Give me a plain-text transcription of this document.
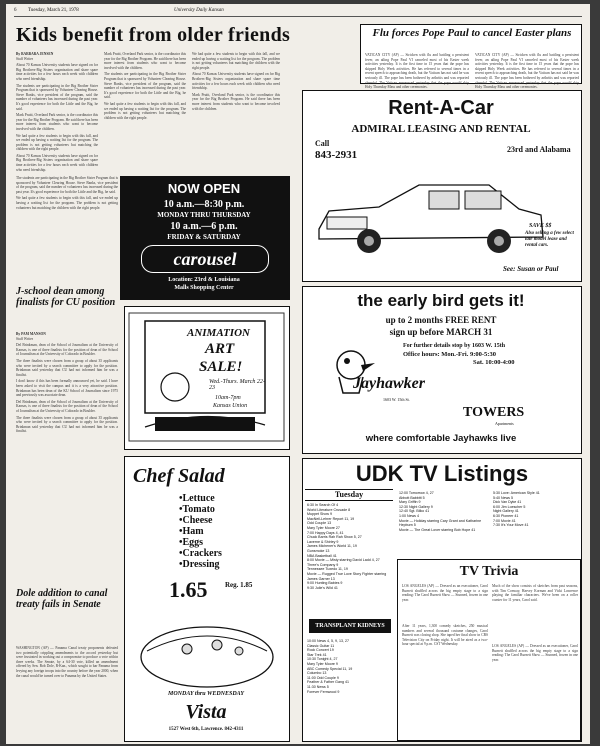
6 Tuesday, March 21, 1978	University Daily Kansan
Kids benefit from older friends
By BARBARA JENSEN
Staff Writer

About 70 Kansas University students have signed on for Big Brothers-Big Sisters organization and share spare time activities for a few hours each week with children who need friendship.

The students are participating in the Big Brother Sister Program that is sponsored by Volunteer Clearing House. Steve Banks, vice president of the program, said the number of volunteers has increased during the past year. It's good experience for both the Little and the Big, he said.

Mark Pruitt, Overland Park senior, is the coordinator this year for the Big Brother Program. He said there has been more interest from students who want to become involved with the children.

We had quite a few students to begin with this fall, and we ended up having a waiting list for the program. The problem is not getting volunteers but matching the children with the right people.

About 70 Kansas University students have signed on for Big Brothers-Big Sisters organization and share spare time activities for a few hours each week with children who need friendship.

Mark Pruitt, Overland Park senior, is the coordinator this year for the Big Brother Program. He said there has been more interest from students who want to become involved with the children.

The students are participating in the Big Brother Sister Program that is sponsored by Volunteer Clearing House. Steve Banks, vice president of the program, said the number of volunteers has increased during the past year. It's good experience for both the Little and the Big, he said.

We had quite a few students to begin with this fall, and we ended up having a waiting list for the program. The problem is not getting volunteers but matching the children with the right people.

We had quite a few students to begin with this fall, and we ended up having a waiting list for the program. The problem is not getting volunteers but matching the children with the right people.

About 70 Kansas University students have signed on for Big Brothers-Big Sisters organization and share spare time activities for a few hours each week with children who need friendship.

Mark Pruitt, Overland Park senior, is the coordinator this year for the Big Brother Program. He said there has been more interest from students who want to become involved with the children.

The students are participating in the Big Brother Sister Program that is sponsored by Volunteer Clearing House. Steve Banks, vice president of the program, said the number of volunteers has increased during the past year. It's good experience for both the Little and the Big, he said.

We had quite a few students to begin with this fall, and we ended up having a waiting list for the program. The problem is not getting volunteers but matching the children with the right people.

Flu forces Pope Paul to cancel Easter plans
VATICAN CITY (AP) — Stricken with flu and battling a persistent fever, an ailing Pope Paul VI canceled most of his Easter week activities yesterday. It is the first time in 15 years that the pope has skipped Holy Week activities. He has referred to several times in a recent speech to approaching death, but the Vatican has not said he was seriously ill. The pope has been bothered by arthritis and was reported cheerful. The Vatican announced yesterday that the pope would skip Holy Thursday Mass and other ceremonies.
VATICAN CITY (AP) — Stricken with flu and battling a persistent fever, an ailing Pope Paul VI canceled most of his Easter week activities yesterday. It is the first time in 15 years that the pope has skipped Holy Week activities. He has referred to several times in a recent speech to approaching death, but the Vatican has not said he was seriously ill. The pope has been bothered by arthritis and was reported cheerful. The Vatican announced yesterday that the pope would skip Holy Thursday Mass and other ceremonies.
NOW OPEN
10 a.m.—8:30 p.m.
MONDAY THRU THURSDAY
10 a.m.—6 p.m.
FRIDAY & SATURDAY
carousel
Location: 23rd & Louisiana
Malls Shopping Center
J-school dean among finalists for CU position
By PAM MANSON
Staff Writer

Del Brinkman, dean of the School of Journalism at the University of Kansas, is one of three finalists for the position of dean of the School of Journalism at the University of Colorado in Boulder.

The three finalists were chosen from a group of about 35 applicants who were invited by a search committee to apply for the position. Brinkman said yesterday that CU had not informed him he was a finalist.

I don't know if this has been formally announced yet, he said. I have been asked to visit the campus and it is a very attractive position. Brinkman has been dean of the KU School of Journalism since 1975 and previously was associate dean.

Del Brinkman, dean of the School of Journalism at the University of Kansas, is one of three finalists for the position of dean of the School of Journalism at the University of Colorado in Boulder.

The three finalists were chosen from a group of about 35 applicants who were invited by a search committee to apply for the position. Brinkman said yesterday that CU had not informed him he was a finalist.

ANIMATION
ART
SALE!
Wed.-Thurs. March 22-23
10am-7pm
Kansas Union
Rent-A-Car
ADMIRAL LEASING AND RENTAL
Call
843-2931	23rd and Alabama
SAVE $$
Also selling a few select late model lease and rental cars.
See: Susan or Paul
the early bird gets it!
up to 2 months FREE RENT
sign up before MARCH 31
For further details stop by 1603 W. 15th
Office hours: Mon.-Fri. 9:00-5:30
Sat. 10:00-4:00
Jayhawker
1603 W. 15th St.
TOWERS
Apartments
where comfortable Jayhawks live
Chef Salad
•Lettuce
•Tomato
•Cheese
•Ham
•Eggs
•Crackers
•Dressing
1.65	Reg. 1.85
MONDAY thru WEDNESDAY
Vista
1527 West 6th, Lawrence. 842-4311
Dole addition to canal treaty fails in Senate
WASHINGTON (AP) — Panama Canal treaty proponents defeated two potentially crippling amendments to the accord yesterday but were frustrated in working out a compromise to produce a vote within three weeks. The Senate, by a 64-30 vote, killed an amendment offered by Sen. Bob Dole, R-Kan., which sought to bar Panama from levying any foreign troops into the country before the year 2000, when the canal would be turned over to Panama by the United States.
UDK TV Listings
Tuesday
6:30 In Search Of 4
World Literature Crusade 8
Muppet Show 9
MacNeil-Lehrer Report 11, 19
Odd Couple 13
Mary Tyler Moore 27
7:00 Happy Days 4, 41
Chuck Barris Rah Rah Show 5, 27
Laverne & Shirley 9
James Michener's World 11, 19
Gunsmoke 13
NBA Basketball 41
8:00 Movie — Misty starring David Ladd 4, 27
Three's Company 9
Tennessee Tuxedo 11, 19
Movie — Rugged True Love Story Fighter starring James Garner 13
9:00 Hunting Babies 9
9:30 Julie's Wild 41
TRANSPLANT KIDNEYS
10:00 News 4, 5, 9, 13, 27
Classic Guitar 11
Rock Concert 19
Star Trek 41
10:30 Tonight 4, 27
Mary Tyler Moore 9
ABC Comedy Special 11, 19
Columbo 13
11:00 Odd Couple 9
Feather & Father Gang 41
11:30 News 5
Forever Fernwood 9
12:00 Tomorrow 4, 27
Abbott Babbitt 5
Mary Griffin 9
12:30 Night Gallery 9
12:40 Sgt. Bilko 41
1:00 News 4
Movie — Holiday starring Cary Grant and Katharine Hepburn 5
Movie — The Great Lover starring Bob Hope 41
5:30 Love: American Style 41
5:40 News 5
Dick Van Dyke 41
6:00 Jim Loescher 5
Night Gallery 41
6:30 Pioneer 41
7:00 Movie 41
7:30 It's Your Move 41
TV Trivia
LOS ANGELES (AP) — Dressed as an executioner, Carol Burnett shuffled across the big empty stage to a sign reading: The Carol Burnett Show — Stunned, frozen in one year.
After 11 years, 1,300 comedy sketches, 250 musical numbers and several thousand costume changes, Carol Burnett was closing shop. She taped her final show in CBS Television City on Friday night. It will be aired as a two-hour special at 9 p.m. CST Wednesday.
Much of the show consists of sketches from past seasons, with Tim Conway, Harvey Korman and Vicki Lawrence playing the familiar characters. We've been on a roller coaster for 11 years, Carol said.
LOS ANGELES (AP) — Dressed as an executioner, Carol Burnett shuffled across the big empty stage to a sign reading: The Carol Burnett Show — Stunned, frozen in one year.
